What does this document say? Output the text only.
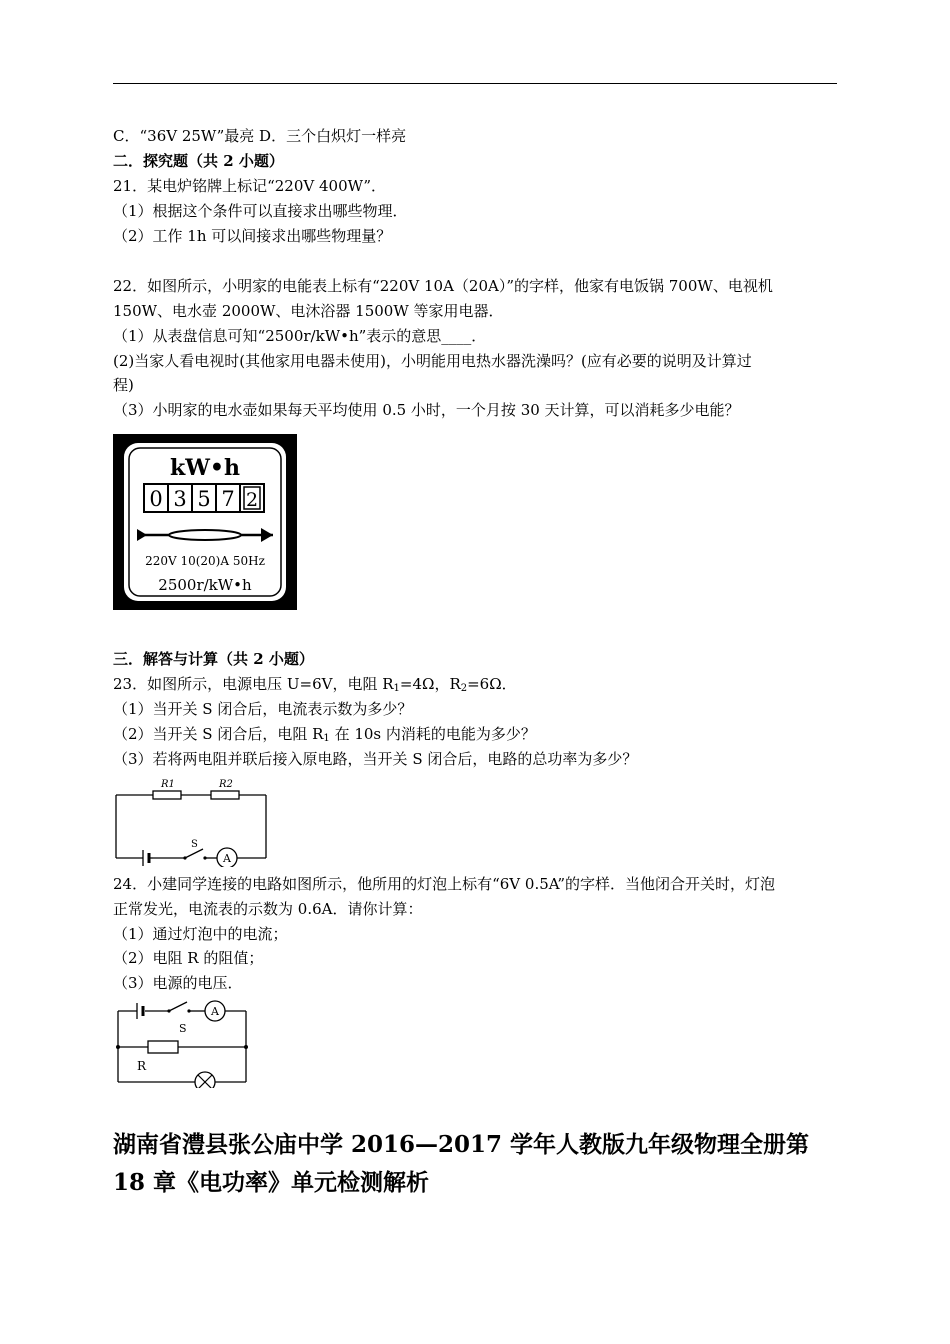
C．“36V 25W”最亮 D．三个白炽灯一样亮
二．探究题（共 2 小题）
21．某电炉铭牌上标记“220V 400W”．
（1）根据这个条件可以直接求出哪些物理．
（2）工作 1h 可以间接求出哪些物理量？
22．如图所示，小明家的电能表上标有“220V 10A（20A）”的字样，他家有电饭锅 700W、电视机
150W、电水壶 2000W、电沐浴器 1500W 等家用电器．
（1）从表盘信息可知“2500r/kW•h”表示的意思____．
(2)当家人看电视时(其他家用电器未使用)，小明能用电热水器洗澡吗？(应有必要的说明及计算过
程)
（3）小明家的电水壶如果每天平均使用 0.5 小时，一个月按 30 天计算，可以消耗多少电能？
kW•h
0 3 5 7 2
220V 10(20)A 50Hz
2500r/kW•h
三．解答与计算（共 2 小题）
23．如图所示，电源电压 U=6V，电阻 $R_1=4\Omega$，$R_2=6\Omega$．
（1）当开关 S 闭合后，电流表示数为多少？
（2）当开关 S 闭合后，电阻 $R_1$ 在 10s 内消耗的电能为多少？
（3）若将两电阻并联后接入原电路，当开关 S 闭合后，电路的总功率为多少？
R1	R2
S
A
24．小建同学连接的电路如图所示，他所用的灯泡上标有“6V 0.5A”的字样．当他闭合开关时，灯泡
正常发光，电流表的示数为 0.6A．请你计算：
（1）通过灯泡中的电流；
（2）电阻 R 的阻值；
（3）电源的电压．
S
A
R
湖南省澧县张公庙中学 2016—2017 学年人教版九年级物理全册第 18 章《电功率》单元检测解析
